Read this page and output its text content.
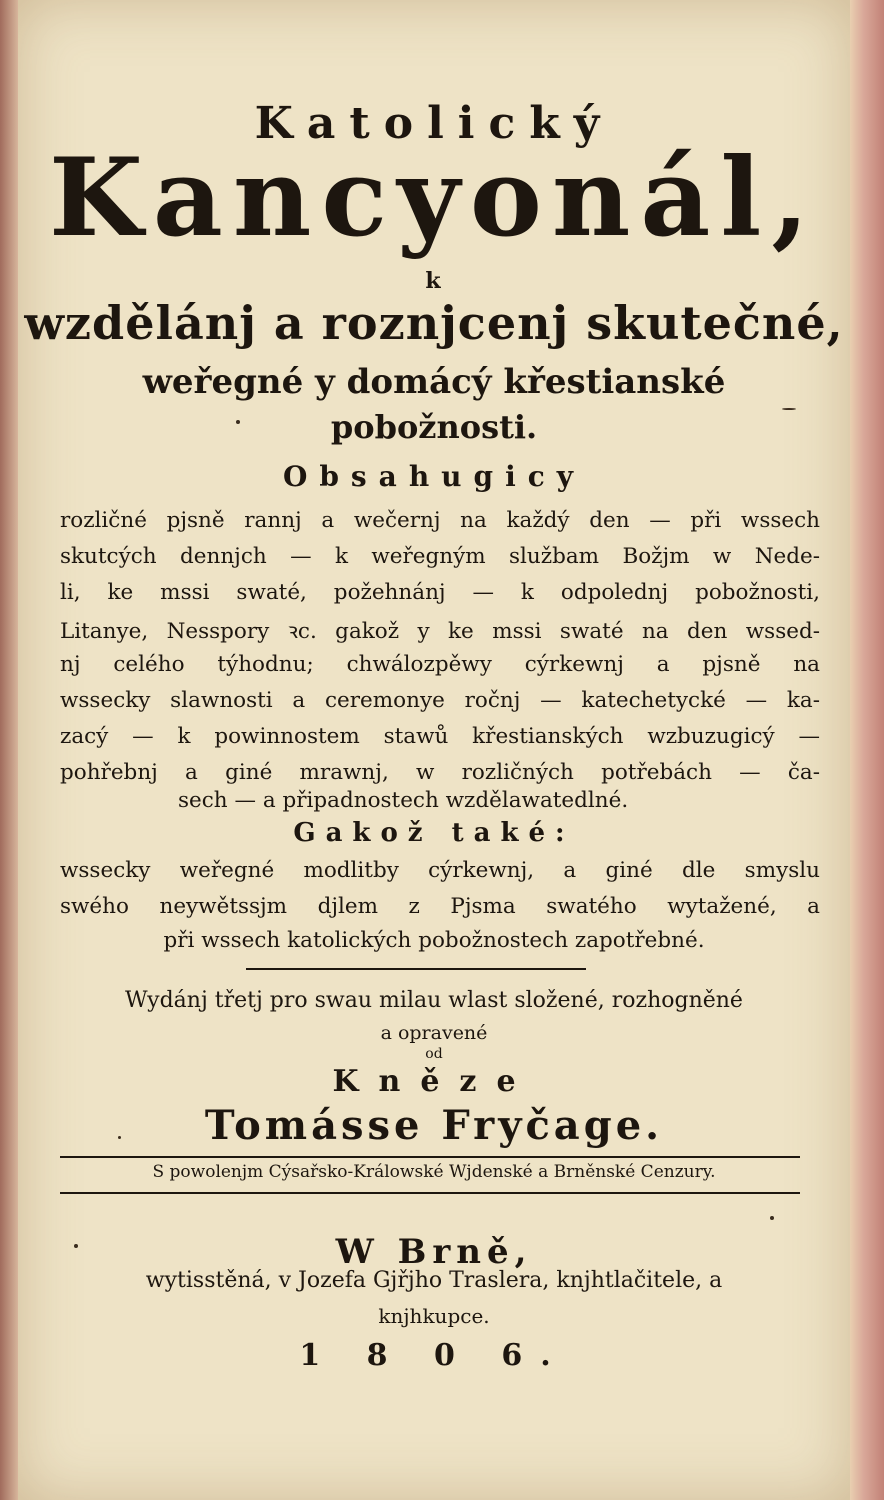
Katolický
Kancyonál,
k
wzdělánj a roznjcenj skutečné,
weřegné y domácý křestianské
pobožnosti.
Obsahugicy
rozličné pjsně rannj a wečernj na každý den — při wssech
skutcých dennjch — k weřegným službam Božjm w Nede-
li, ke mssi swaté, požehnánj — k odpolednj pobožnosti,
Litanye, Nesspory ꝛc. gakož y ke mssi swaté na den wssed-
nj celého týhodnu; chwálozpěwy cýrkewnj a pjsně na
wssecky slawnosti a ceremonye ročnj — katechetycké — ka-
zacý — k powinnostem stawů křestianských wzbuzugicý —
pohřebnj a giné mrawnj, w rozličných potřebách — ča-
sech — a připadnostech wzdělawatedlné.
Gakož také:
wssecky weřegné modlitby cýrkewnj, a giné dle smyslu
swého neywětssjm djlem z Pjsma swatého wytažené, a
při wssech katolických pobožnostech zapotřebné.
Wydánj třetj pro swau milau wlast složené, rozhogněné
a opravené
od
Kněze
Tomásse Fryčage.
S powolenjm Cýsařsko-Králowské Wjdenské a Brněnské Cenzury.
W Brně,
wytisstěná, v Jozefa Gjřjho Traslera, knjhtlačitele, a
knjhkupce.
1 8 0 6.
